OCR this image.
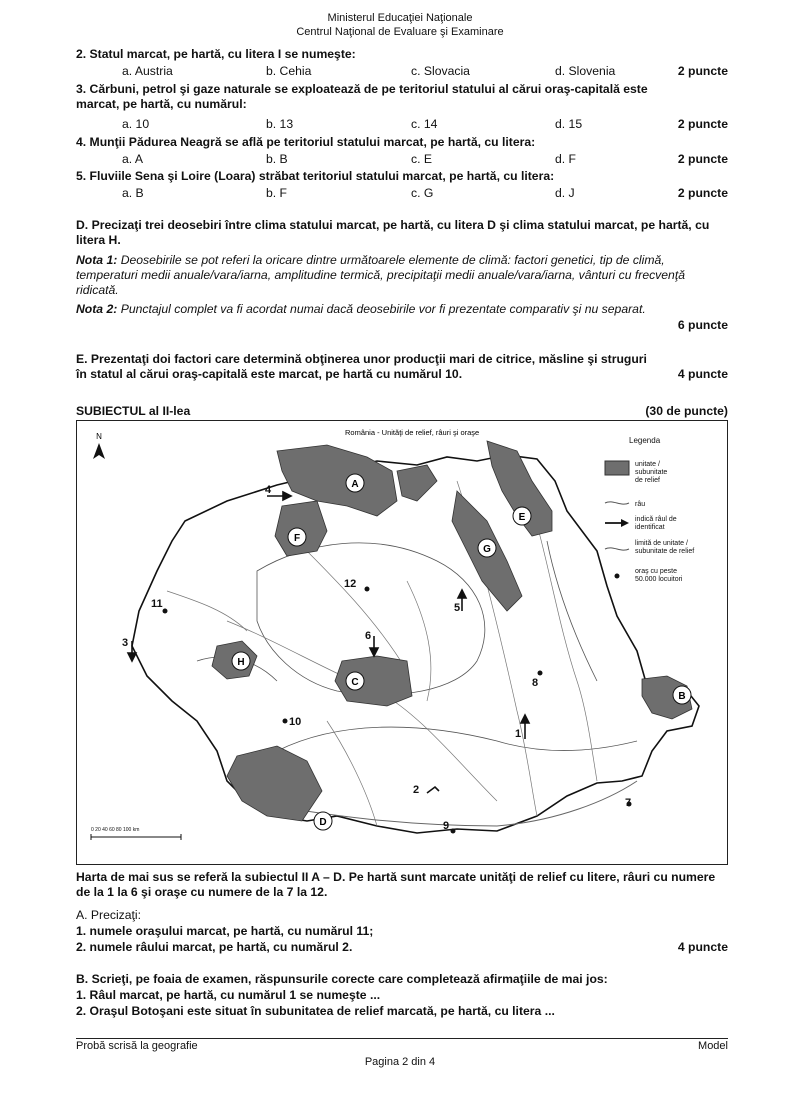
Ministerul Educaţiei Naţionale
Centrul Naţional de Evaluare şi Examinare
2. Statul marcat, pe hartă, cu litera I se numeşte:
a. Austria	b. Cehia	c. Slovacia	d. Slovenia	2 puncte
3. Cărbuni, petrol şi gaze naturale se exploatează de pe teritoriul statului al cărui oraş-capitală este
marcat, pe hartă, cu numărul:
a. 10	b. 13	c. 14	d. 15	2 puncte
4. Munţii Pădurea Neagră se află pe teritoriul statului marcat, pe hartă, cu litera:
a. A	b. B	c. E	d. F	2 puncte
5. Fluviile Sena şi Loire (Loara) străbat teritoriul statului marcat, pe hartă, cu litera:
a. B	b. F	c. G	d. J	2 puncte
D. Precizaţi trei deosebiri între clima statului marcat, pe hartă, cu litera D şi clima statului marcat, pe hartă, cu litera H.
Nota 1: Deosebirile se pot referi la oricare dintre următoarele elemente de climă: factori genetici, tip de climă, temperaturi medii anuale/vara/iarna, amplitudine termică, precipitaţii medii anuale/vara/iarna, vânturi cu frecvenţă ridicată.
Nota 2: Punctajul complet va fi acordat numai dacă deosebirile vor fi prezentate comparativ şi nu separat.
6 puncte
E. Prezentaţi doi factori care determină obţinerea unor producţii mari de citrice, măsline şi struguri în statul al cărui oraş-capitală este marcat, pe hartă cu numărul 10.	4 puncte
SUBIECTUL al II-lea	(30 de puncte)
N
A
B
C
D
E
F
G
H
1
2
3
4
5
6
7
8
9
10
11
12
România - Unităţi de relief, râuri şi oraşe
Legenda
unitate /
subunitate
de relief
râu
indică râul de
identificat
limită de unitate /
subunitate de relief
oraş cu peste
50.000 locuitori
0 20 40 60 80 100 km
Harta de mai sus se referă la subiectul II A – D. Pe hartă sunt marcate unităţi de relief cu litere, râuri cu numere de la 1 la 6 şi oraşe cu numere de la 7 la 12.
A. Precizaţi:
1. numele oraşului marcat, pe hartă, cu numărul 11;
2. numele râului marcat, pe hartă, cu numărul 2.	4 puncte
B. Scrieţi, pe foaia de examen, răspunsurile corecte care completează afirmaţiile de mai jos:
1. Râul marcat, pe hartă, cu numărul 1 se numeşte ...
2. Oraşul Botoşani este situat în subunitatea de relief marcată, pe hartă, cu litera ...
Probă scrisă la geografie	Model
Pagina 2 din 4
